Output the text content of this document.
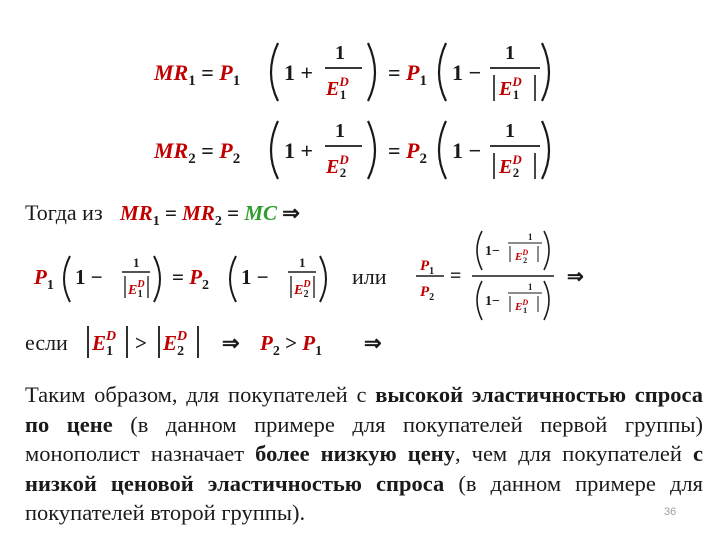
$MR_1 = P_1$ 1 +
1
$E^D$ 1
= $P_1$ 1 −
1
$E^D$ 1
$MR_2 = P_2$ 1 +
1
$E^D$ 2
= $P_2$ 1 −
1
$E^D$ 2
Тогда из $MR_1 = MR_2$ = MC ⇒
$P_1$ 1 −
1
$E^D$ 1
= $P_2$ 1 −
1
$E^D$ 2
или $P_1$
$P_2$
=
1−
1
$E^D$ 2
1−
1
$E^D$ 1
⇒
если $E^D$ $1 > E^D$ 2 ⇒ $P_2 > P_1$ ⇒
Таким образом, для покупателей с высокой эластичностью спроса по цене (в данном примере для покупателей первой группы) монополист назначает более низкую цену, чем для покупателей с низкой ценовой эластичностью спроса (в данном примере для покупателей второй группы).	36
